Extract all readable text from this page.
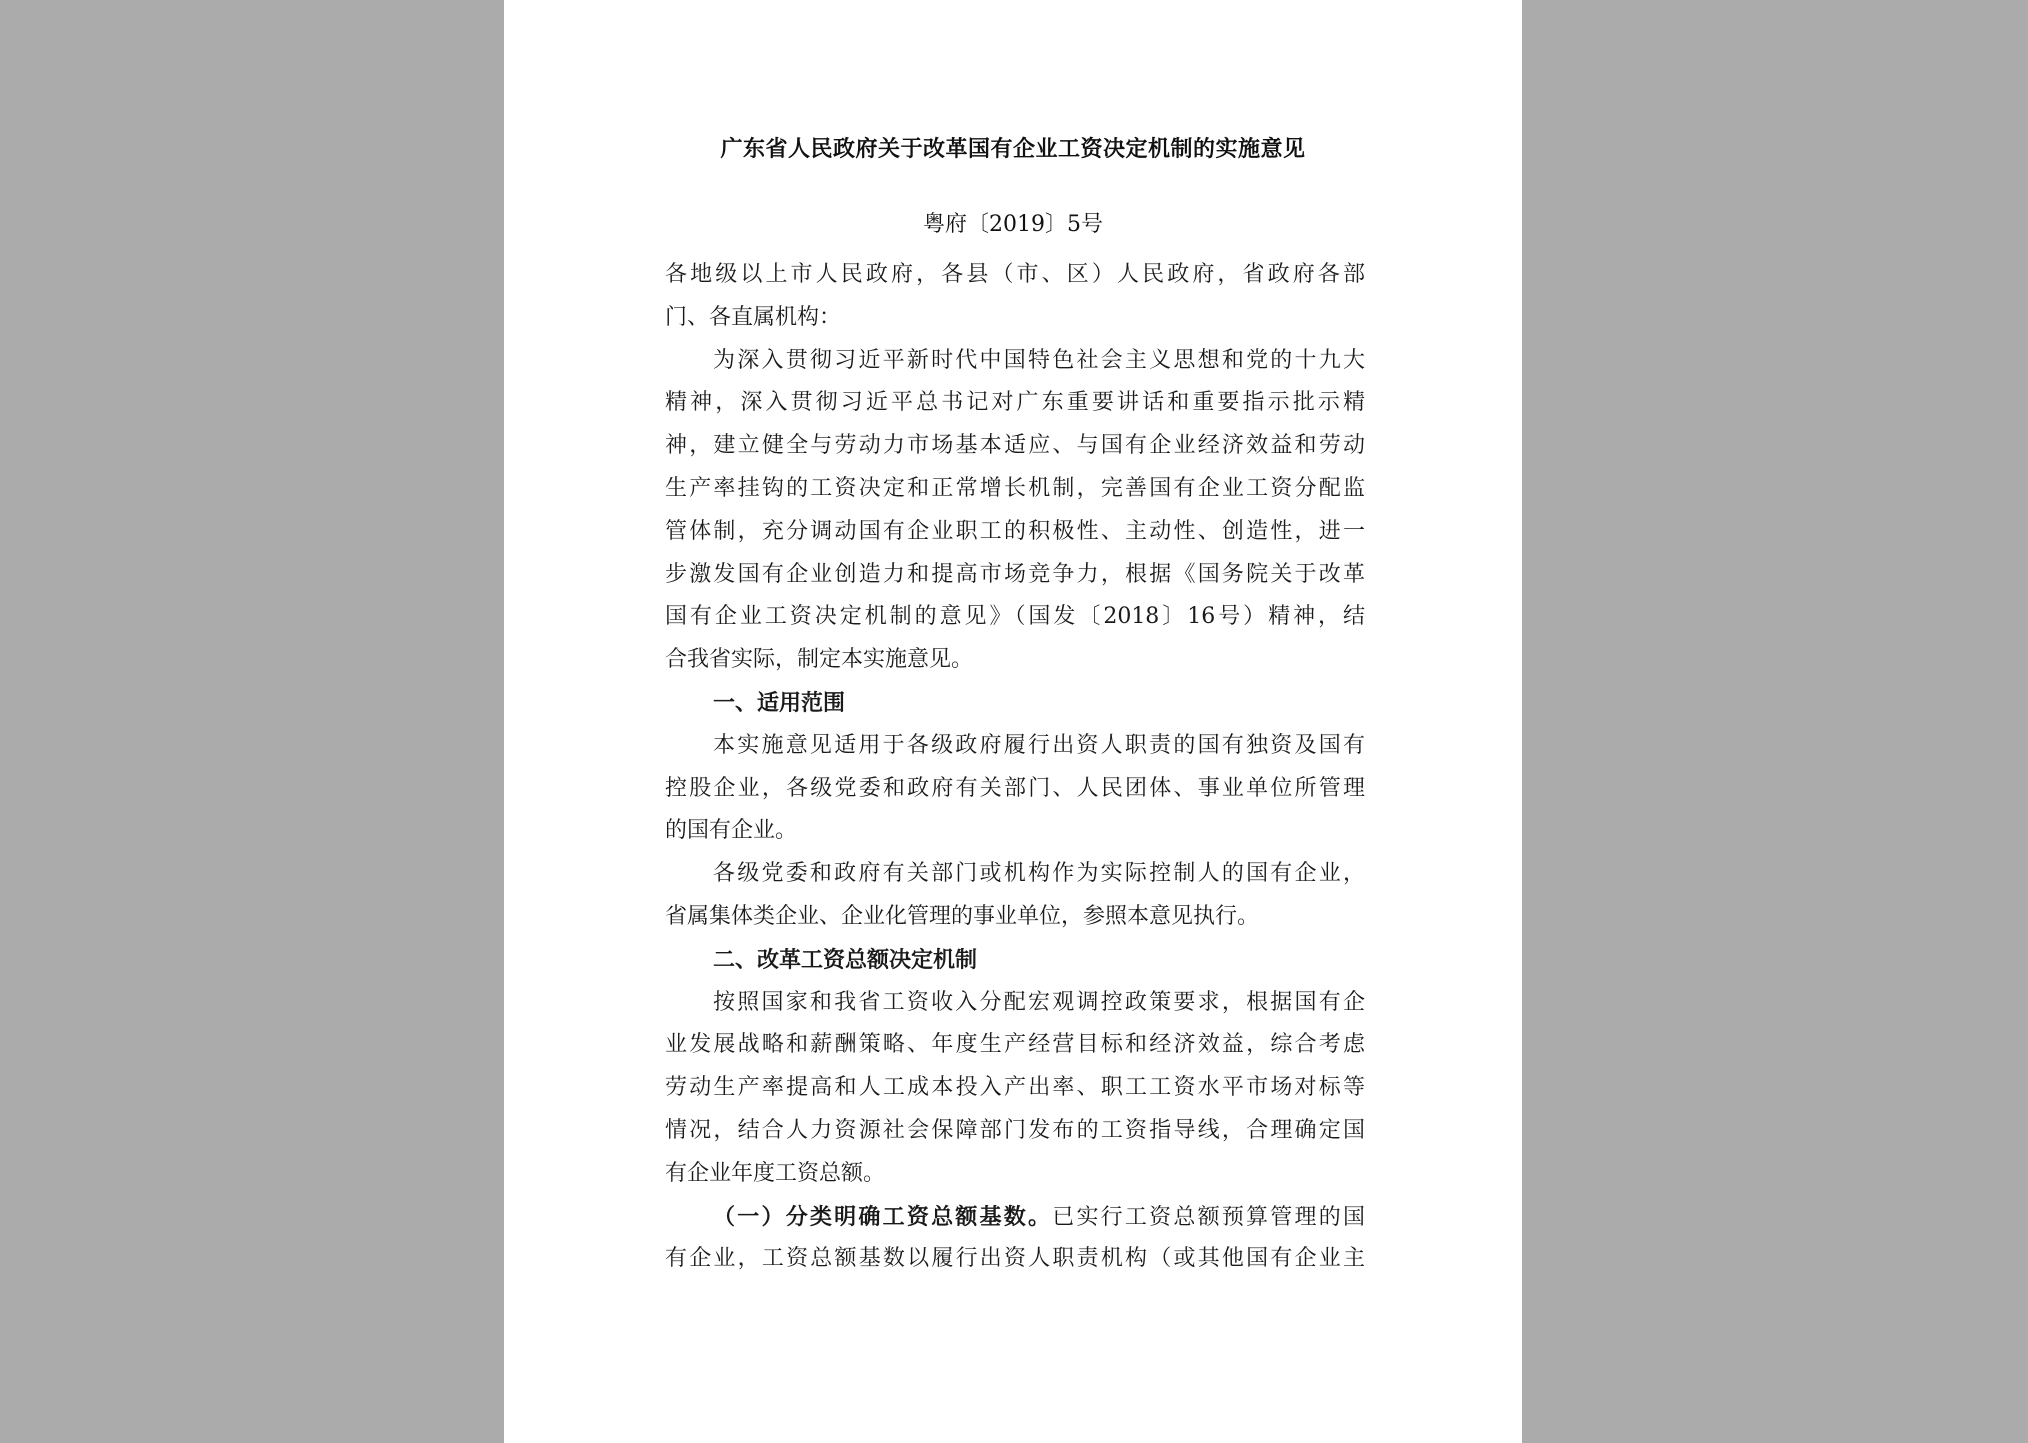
广东省人民政府关于改革国有企业工资决定机制的实施意见
粤府〔2019〕5号
各地级以上市人民政府，各县（市、区）人民政府，省政府各部
门、各直属机构：
为深入贯彻习近平新时代中国特色社会主义思想和党的十九大
精神，深入贯彻习近平总书记对广东重要讲话和重要指示批示精
神，建立健全与劳动力市场基本适应、与国有企业经济效益和劳动
生产率挂钩的工资决定和正常增长机制，完善国有企业工资分配监
管体制，充分调动国有企业职工的积极性、主动性、创造性，进一
步激发国有企业创造力和提高市场竞争力，根据《国务院关于改革
国有企业工资决定机制的意见》（国发〔2018〕16号）精神，结
合我省实际，制定本实施意见。
一、适用范围
本实施意见适用于各级政府履行出资人职责的国有独资及国有
控股企业，各级党委和政府有关部门、人民团体、事业单位所管理
的国有企业。
各级党委和政府有关部门或机构作为实际控制人的国有企业，
省属集体类企业、企业化管理的事业单位，参照本意见执行。
二、改革工资总额决定机制
按照国家和我省工资收入分配宏观调控政策要求，根据国有企
业发展战略和薪酬策略、年度生产经营目标和经济效益，综合考虑
劳动生产率提高和人工成本投入产出率、职工工资水平市场对标等
情况，结合人力资源社会保障部门发布的工资指导线，合理确定国
有企业年度工资总额。
（一）分类明确工资总额基数。已实行工资总额预算管理的国
有企业，工资总额基数以履行出资人职责机构（或其他国有企业主
